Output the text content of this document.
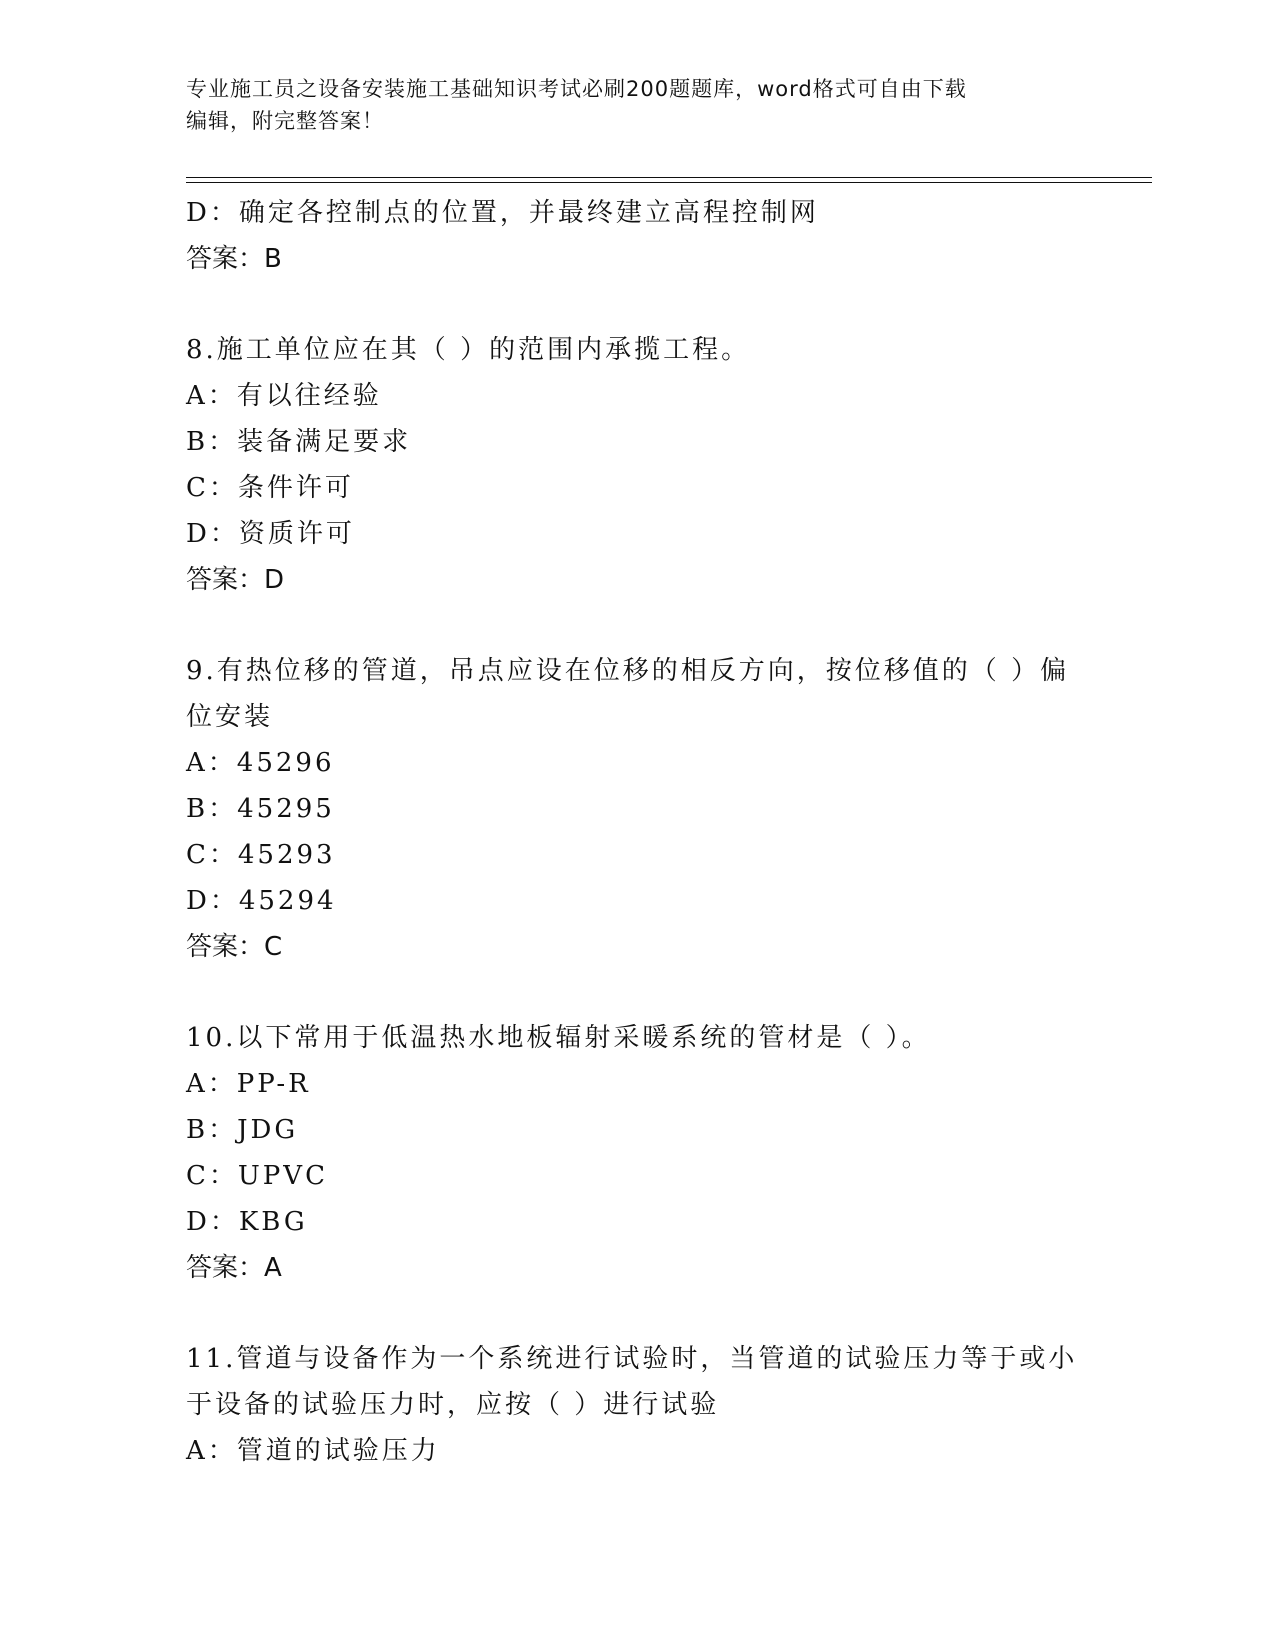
专业施工员之设备安装施工基础知识考试必刷200题题库，word格式可自由下载
编辑，附完整答案！
D：确定各控制点的位置，并最终建立高程控制网
答案：B
8.施工单位应在其（ ）的范围内承揽工程。
A：有以往经验
B：装备满足要求
C：条件许可
D：资质许可
答案：D
9.有热位移的管道，吊点应设在位移的相反方向，按位移值的（ ）偏
位安装
A：45296
B：45295
C：45293
D：45294
答案：C
10.以下常用于低温热水地板辐射采暖系统的管材是（ ）。
A：PP-R
B：JDG
C：UPVC
D：KBG
答案：A
11.管道与设备作为一个系统进行试验时，当管道的试验压力等于或小
于设备的试验压力时，应按（ ）进行试验
A：管道的试验压力
